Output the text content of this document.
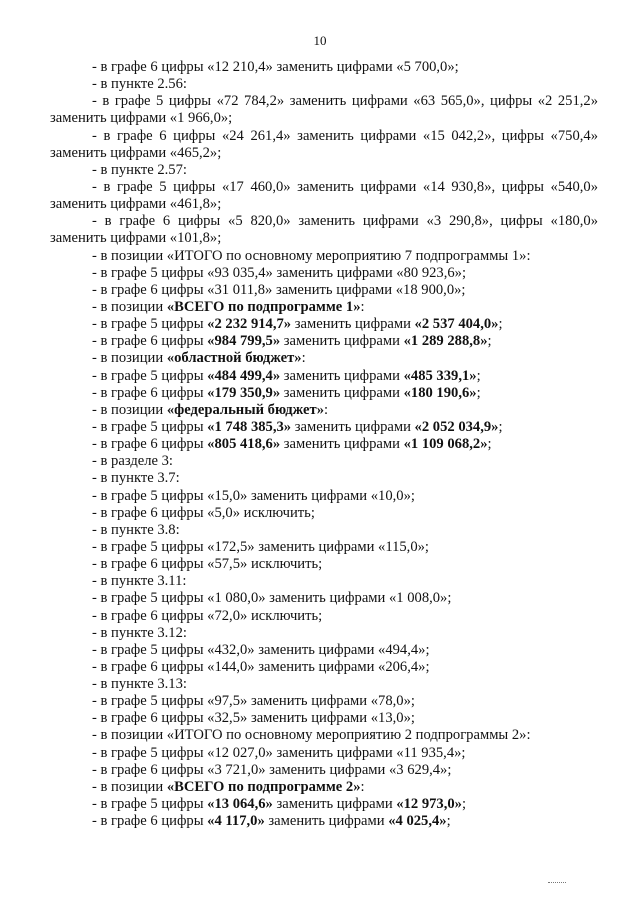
10
- в графе 6 цифры «12 210,4» заменить цифрами «5 700,0»;
- в пункте 2.56:
- в графе 5 цифры «72 784,2» заменить цифрами «63 565,0», цифры «2 251,2»
заменить цифрами «1 966,0»;
- в графе 6 цифры «24 261,4» заменить цифрами «15 042,2», цифры «750,4»
заменить цифрами «465,2»;
- в пункте 2.57:
- в графе 5 цифры «17 460,0» заменить цифрами «14 930,8», цифры «540,0»
заменить цифрами «461,8»;
- в графе 6 цифры «5 820,0» заменить цифрами «3 290,8», цифры «180,0»
заменить цифрами «101,8»;
- в позиции «ИТОГО по основному мероприятию 7 подпрограммы 1»:
- в графе 5 цифры «93 035,4» заменить цифрами «80 923,6»;
- в графе 6 цифры «31 011,8» заменить цифрами «18 900,0»;
- в позиции «ВСЕГО по подпрограмме 1»:
- в графе 5 цифры «2 232 914,7» заменить цифрами «2 537 404,0»;
- в графе 6 цифры «984 799,5» заменить цифрами «1 289 288,8»;
- в позиции «областной бюджет»:
- в графе 5 цифры «484 499,4» заменить цифрами «485 339,1»;
- в графе 6 цифры «179 350,9» заменить цифрами «180 190,6»;
- в позиции «федеральный бюджет»:
- в графе 5 цифры «1 748 385,3» заменить цифрами «2 052 034,9»;
- в графе 6 цифры «805 418,6» заменить цифрами «1 109 068,2»;
- в разделе 3:
- в пункте 3.7:
- в графе 5 цифры «15,0» заменить цифрами «10,0»;
- в графе 6 цифры «5,0» исключить;
- в пункте 3.8:
- в графе 5 цифры «172,5» заменить цифрами «115,0»;
- в графе 6 цифры «57,5» исключить;
- в пункте 3.11:
- в графе 5 цифры «1 080,0» заменить цифрами «1 008,0»;
- в графе 6 цифры «72,0» исключить;
- в пункте 3.12:
- в графе 5 цифры «432,0» заменить цифрами «494,4»;
- в графе 6 цифры «144,0» заменить цифрами «206,4»;
- в пункте 3.13:
- в графе 5 цифры «97,5» заменить цифрами «78,0»;
- в графе 6 цифры «32,5» заменить цифрами «13,0»;
- в позиции «ИТОГО по основному мероприятию 2 подпрограммы 2»:
- в графе 5 цифры «12 027,0» заменить цифрами «11 935,4»;
- в графе 6 цифры «3 721,0» заменить цифрами «3 629,4»;
- в позиции «ВСЕГО по подпрограмме 2»:
- в графе 5 цифры «13 064,6» заменить цифрами «12 973,0»;
- в графе 6 цифры «4 117,0» заменить цифрами «4 025,4»;
